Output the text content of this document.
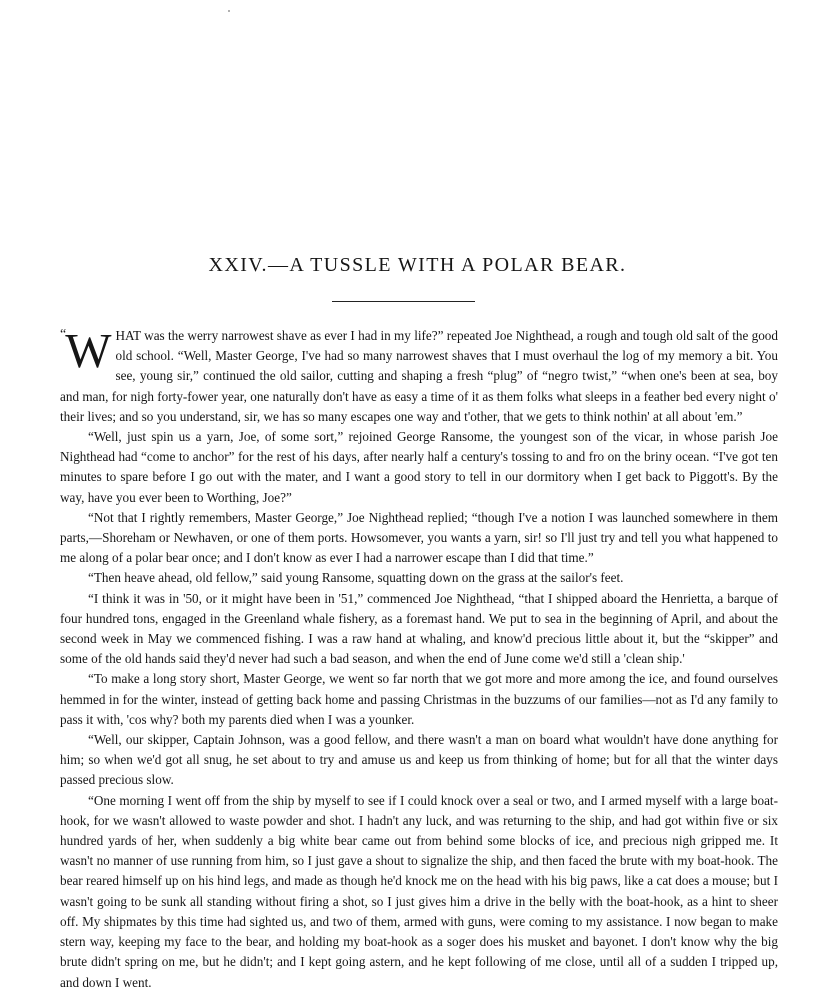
XXIV.—A TUSSLE WITH A POLAR BEAR.

“ W HAT was the werry narrowest shave as ever I had in my life?” repeated Joe Nighthead, a rough and tough old salt of the good old school. “Well, Master George, I've had so many narrowest shaves that I must overhaul the log of my memory a bit. You see, young sir,” continued the old sailor, cutting and shaping a fresh “plug” of “negro twist,” “when one's been at sea, boy and man, for nigh forty-fower year, one naturally don't have as easy a time of it as them folks what sleeps in a feather bed every night o' their lives; and so you understand, sir, we has so many escapes one way and t'other, that we gets to think nothin' at all about 'em.”

“Well, just spin us a yarn, Joe, of some sort,” rejoined George Ransome, the youngest son of the vicar, in whose parish Joe Nighthead had “come to anchor” for the rest of his days, after nearly half a century's tossing to and fro on the briny ocean. “I've got ten minutes to spare before I go out with the mater, and I want a good story to tell in our dormitory when I get back to Piggott's. By the way, have you ever been to Worthing, Joe?”

“Not that I rightly remembers, Master George,” Joe Nighthead replied; “though I've a notion I was launched somewhere in them parts,—Shoreham or Newhaven, or one of them ports. Howsomever, you wants a yarn, sir! so I'll just try and tell you what happened to me along of a polar bear once; and I don't know as ever I had a narrower escape than I did that time.”

“Then heave ahead, old fellow,” said young Ransome, squatting down on the grass at the sailor's feet.

“I think it was in '50, or it might have been in '51,” commenced Joe Nighthead, “that I shipped aboard the Henrietta, a barque of four hundred tons, engaged in the Greenland whale fishery, as a foremast hand. We put to sea in the beginning of April, and about the second week in May we commenced fishing. I was a raw hand at whaling, and know'd precious little about it, but the “skipper” and some of the old hands said they'd never had such a bad season, and when the end of June come we'd still a 'clean ship.'

“To make a long story short, Master George, we went so far north that we got more and more among the ice, and found ourselves hemmed in for the winter, instead of getting back home and passing Christmas in the buzzums of our families—not as I'd any family to pass it with, 'cos why? both my parents died when I was a younker.

“Well, our skipper, Captain Johnson, was a good fellow, and there wasn't a man on board what wouldn't have done anything for him; so when we'd got all snug, he set about to try and amuse us and keep us from thinking of home; but for all that the winter days passed precious slow.

“One morning I went off from the ship by myself to see if I could knock over a seal or two, and I armed myself with a large boat-hook, for we wasn't allowed to waste powder and shot. I hadn't any luck, and was returning to the ship, and had got within five or six hundred yards of her, when suddenly a big white bear came out from behind some blocks of ice, and precious nigh gripped me. It wasn't no manner of use running from him, so I just gave a shout to signalize the ship, and then faced the brute with my boat-hook. The bear reared himself up on his hind legs, and made as though he'd knock me on the head with his big paws, like a cat does a mouse; but I wasn't going to be sunk all standing without firing a shot, so I just gives him a drive in the belly with the boat-hook, as a hint to sheer off. My shipmates by this time had sighted us, and two of them, armed with guns, were coming to my assistance. I now began to make stern way, keeping my face to the bear, and holding my boat-hook as a soger does his musket and bayonet. I don't know why the big brute didn't spring on me, but he didn't; and I kept going astern, and he kept following of me close, until all of a sudden I tripped up, and down I went.
